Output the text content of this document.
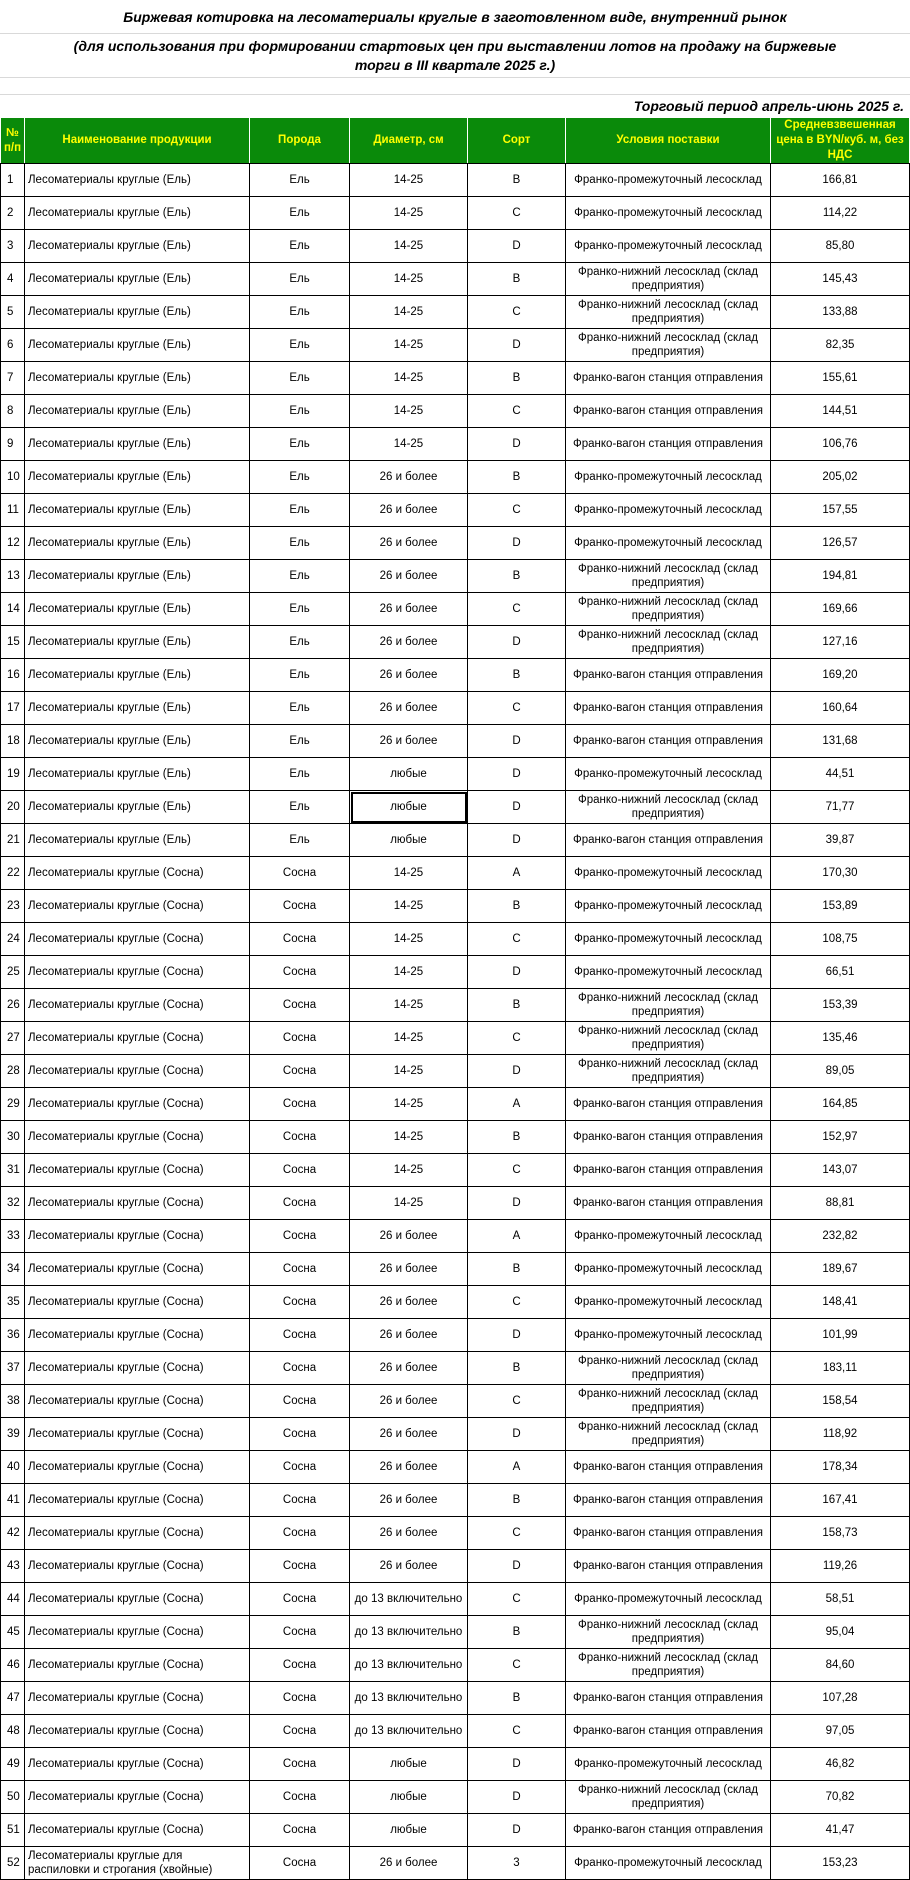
Биржевая котировка на лесоматериалы круглые в заготовленном виде, внутренний рынок
(для использования при формировании стартовых цен при выставлении лотов на продажу на биржевые торги в III квартале 2025 г.)
Торговый период апрель-июнь 2025 г.
№ п/п	Наименование продукции	Порода	Диаметр, см	Сорт	Условия поставки	Средневзвешенная цена в BYN/куб. м, без НДС
1	Лесоматериалы круглые (Ель)	Ель	14-25	B	Франко-промежуточный лесосклад	166,81
2	Лесоматериалы круглые (Ель)	Ель	14-25	C	Франко-промежуточный лесосклад	114,22
3	Лесоматериалы круглые (Ель)	Ель	14-25	D	Франко-промежуточный лесосклад	85,80
4	Лесоматериалы круглые (Ель)	Ель	14-25	B	Франко-нижний лесосклад (склад предприятия)	145,43
5	Лесоматериалы круглые (Ель)	Ель	14-25	C	Франко-нижний лесосклад (склад предприятия)	133,88
6	Лесоматериалы круглые (Ель)	Ель	14-25	D	Франко-нижний лесосклад (склад предприятия)	82,35
7	Лесоматериалы круглые (Ель)	Ель	14-25	B	Франко-вагон станция отправления	155,61
8	Лесоматериалы круглые (Ель)	Ель	14-25	C	Франко-вагон станция отправления	144,51
9	Лесоматериалы круглые (Ель)	Ель	14-25	D	Франко-вагон станция отправления	106,76
10	Лесоматериалы круглые (Ель)	Ель	26 и более	B	Франко-промежуточный лесосклад	205,02
11	Лесоматериалы круглые (Ель)	Ель	26 и более	C	Франко-промежуточный лесосклад	157,55
12	Лесоматериалы круглые (Ель)	Ель	26 и более	D	Франко-промежуточный лесосклад	126,57
13	Лесоматериалы круглые (Ель)	Ель	26 и более	B	Франко-нижний лесосклад (склад предприятия)	194,81
14	Лесоматериалы круглые (Ель)	Ель	26 и более	C	Франко-нижний лесосклад (склад предприятия)	169,66
15	Лесоматериалы круглые (Ель)	Ель	26 и более	D	Франко-нижний лесосклад (склад предприятия)	127,16
16	Лесоматериалы круглые (Ель)	Ель	26 и более	B	Франко-вагон станция отправления	169,20
17	Лесоматериалы круглые (Ель)	Ель	26 и более	C	Франко-вагон станция отправления	160,64
18	Лесоматериалы круглые (Ель)	Ель	26 и более	D	Франко-вагон станция отправления	131,68
19	Лесоматериалы круглые (Ель)	Ель	любые	D	Франко-промежуточный лесосклад	44,51
20	Лесоматериалы круглые (Ель)	Ель	любые	D	Франко-нижний лесосклад (склад предприятия)	71,77
21	Лесоматериалы круглые (Ель)	Ель	любые	D	Франко-вагон станция отправления	39,87
22	Лесоматериалы круглые (Сосна)	Сосна	14-25	A	Франко-промежуточный лесосклад	170,30
23	Лесоматериалы круглые (Сосна)	Сосна	14-25	B	Франко-промежуточный лесосклад	153,89
24	Лесоматериалы круглые (Сосна)	Сосна	14-25	C	Франко-промежуточный лесосклад	108,75
25	Лесоматериалы круглые (Сосна)	Сосна	14-25	D	Франко-промежуточный лесосклад	66,51
26	Лесоматериалы круглые (Сосна)	Сосна	14-25	B	Франко-нижний лесосклад (склад предприятия)	153,39
27	Лесоматериалы круглые (Сосна)	Сосна	14-25	C	Франко-нижний лесосклад (склад предприятия)	135,46
28	Лесоматериалы круглые (Сосна)	Сосна	14-25	D	Франко-нижний лесосклад (склад предприятия)	89,05
29	Лесоматериалы круглые (Сосна)	Сосна	14-25	A	Франко-вагон станция отправления	164,85
30	Лесоматериалы круглые (Сосна)	Сосна	14-25	B	Франко-вагон станция отправления	152,97
31	Лесоматериалы круглые (Сосна)	Сосна	14-25	C	Франко-вагон станция отправления	143,07
32	Лесоматериалы круглые (Сосна)	Сосна	14-25	D	Франко-вагон станция отправления	88,81
33	Лесоматериалы круглые (Сосна)	Сосна	26 и более	A	Франко-промежуточный лесосклад	232,82
34	Лесоматериалы круглые (Сосна)	Сосна	26 и более	B	Франко-промежуточный лесосклад	189,67
35	Лесоматериалы круглые (Сосна)	Сосна	26 и более	C	Франко-промежуточный лесосклад	148,41
36	Лесоматериалы круглые (Сосна)	Сосна	26 и более	D	Франко-промежуточный лесосклад	101,99
37	Лесоматериалы круглые (Сосна)	Сосна	26 и более	B	Франко-нижний лесосклад (склад предприятия)	183,11
38	Лесоматериалы круглые (Сосна)	Сосна	26 и более	C	Франко-нижний лесосклад (склад предприятия)	158,54
39	Лесоматериалы круглые (Сосна)	Сосна	26 и более	D	Франко-нижний лесосклад (склад предприятия)	118,92
40	Лесоматериалы круглые (Сосна)	Сосна	26 и более	A	Франко-вагон станция отправления	178,34
41	Лесоматериалы круглые (Сосна)	Сосна	26 и более	B	Франко-вагон станция отправления	167,41
42	Лесоматериалы круглые (Сосна)	Сосна	26 и более	C	Франко-вагон станция отправления	158,73
43	Лесоматериалы круглые (Сосна)	Сосна	26 и более	D	Франко-вагон станция отправления	119,26
44	Лесоматериалы круглые (Сосна)	Сосна	до 13 включительно	C	Франко-промежуточный лесосклад	58,51
45	Лесоматериалы круглые (Сосна)	Сосна	до 13 включительно	B	Франко-нижний лесосклад (склад предприятия)	95,04
46	Лесоматериалы круглые (Сосна)	Сосна	до 13 включительно	C	Франко-нижний лесосклад (склад предприятия)	84,60
47	Лесоматериалы круглые (Сосна)	Сосна	до 13 включительно	B	Франко-вагон станция отправления	107,28
48	Лесоматериалы круглые (Сосна)	Сосна	до 13 включительно	C	Франко-вагон станция отправления	97,05
49	Лесоматериалы круглые (Сосна)	Сосна	любые	D	Франко-промежуточный лесосклад	46,82
50	Лесоматериалы круглые (Сосна)	Сосна	любые	D	Франко-нижний лесосклад (склад предприятия)	70,82
51	Лесоматериалы круглые (Сосна)	Сосна	любые	D	Франко-вагон станция отправления	41,47
52	Лесоматериалы круглые для распиловки и строгания (хвойные)	Сосна	26 и более	3	Франко-промежуточный лесосклад	153,23
